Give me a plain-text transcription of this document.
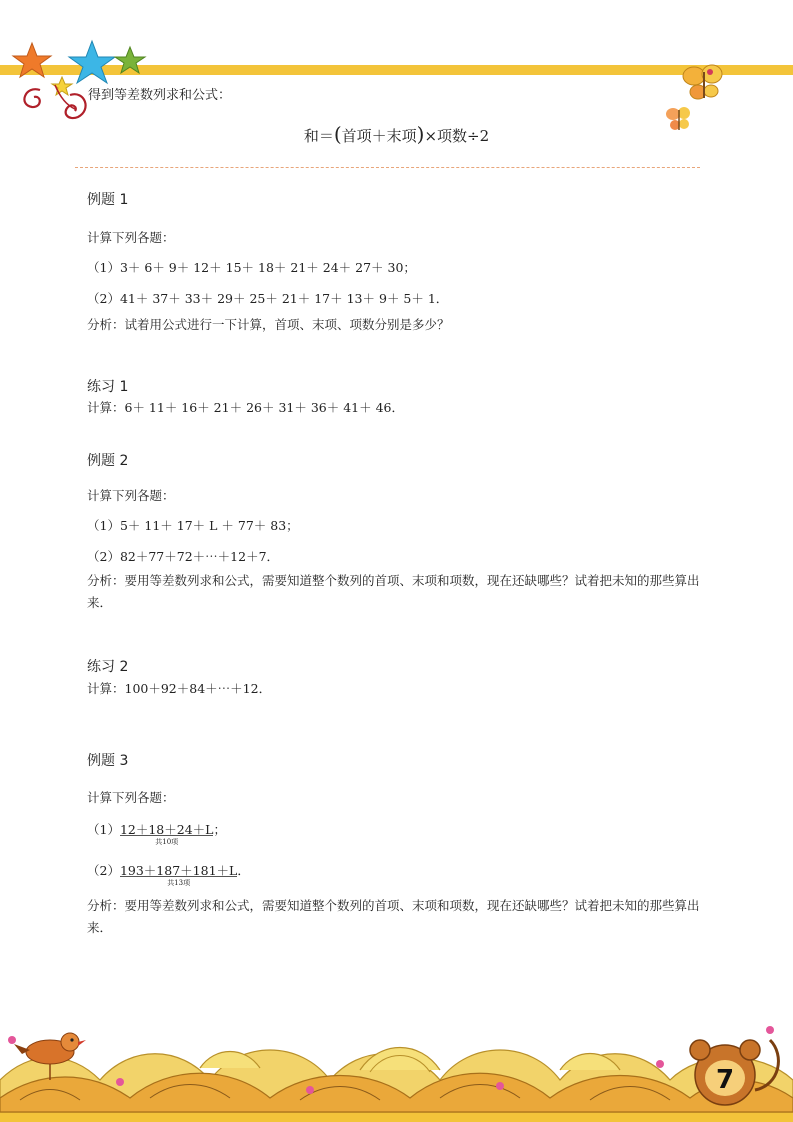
得到等差数列求和公式：
和＝(首项＋末项)×项数÷2
例题 1
计算下列各题：
（1）3＋ 6＋ 9＋ 12＋ 15＋ 18＋ 21＋ 24＋ 27＋ 30；
（2）41＋ 37＋ 33＋ 29＋ 25＋ 21＋ 17＋ 13＋ 9＋ 5＋ 1．
分析：试着用公式进行一下计算，首项、末项、项数分别是多少？
练习 1
计算：6＋ 11＋ 16＋ 21＋ 26＋ 31＋ 36＋ 41＋ 46．
例题 2
计算下列各题：
（1）5＋ 11＋ 17＋ L ＋ 77＋ 83；
（2）82＋77＋72＋⋯＋12＋7．
分析：要用等差数列求和公式，需要知道整个数列的首项、末项和项数，现在还缺哪些？试着把未知的那些算出来．
练习 2
计算：100＋92＋84＋⋯＋12．
例题 3
计算下列各题：
（1）12＋18＋24＋L
共10项
；
（2）193＋187＋181＋L
共13项
．
分析：要用等差数列求和公式，需要知道整个数列的首项、末项和项数，现在还缺哪些？试着把未知的那些算出来．
7
